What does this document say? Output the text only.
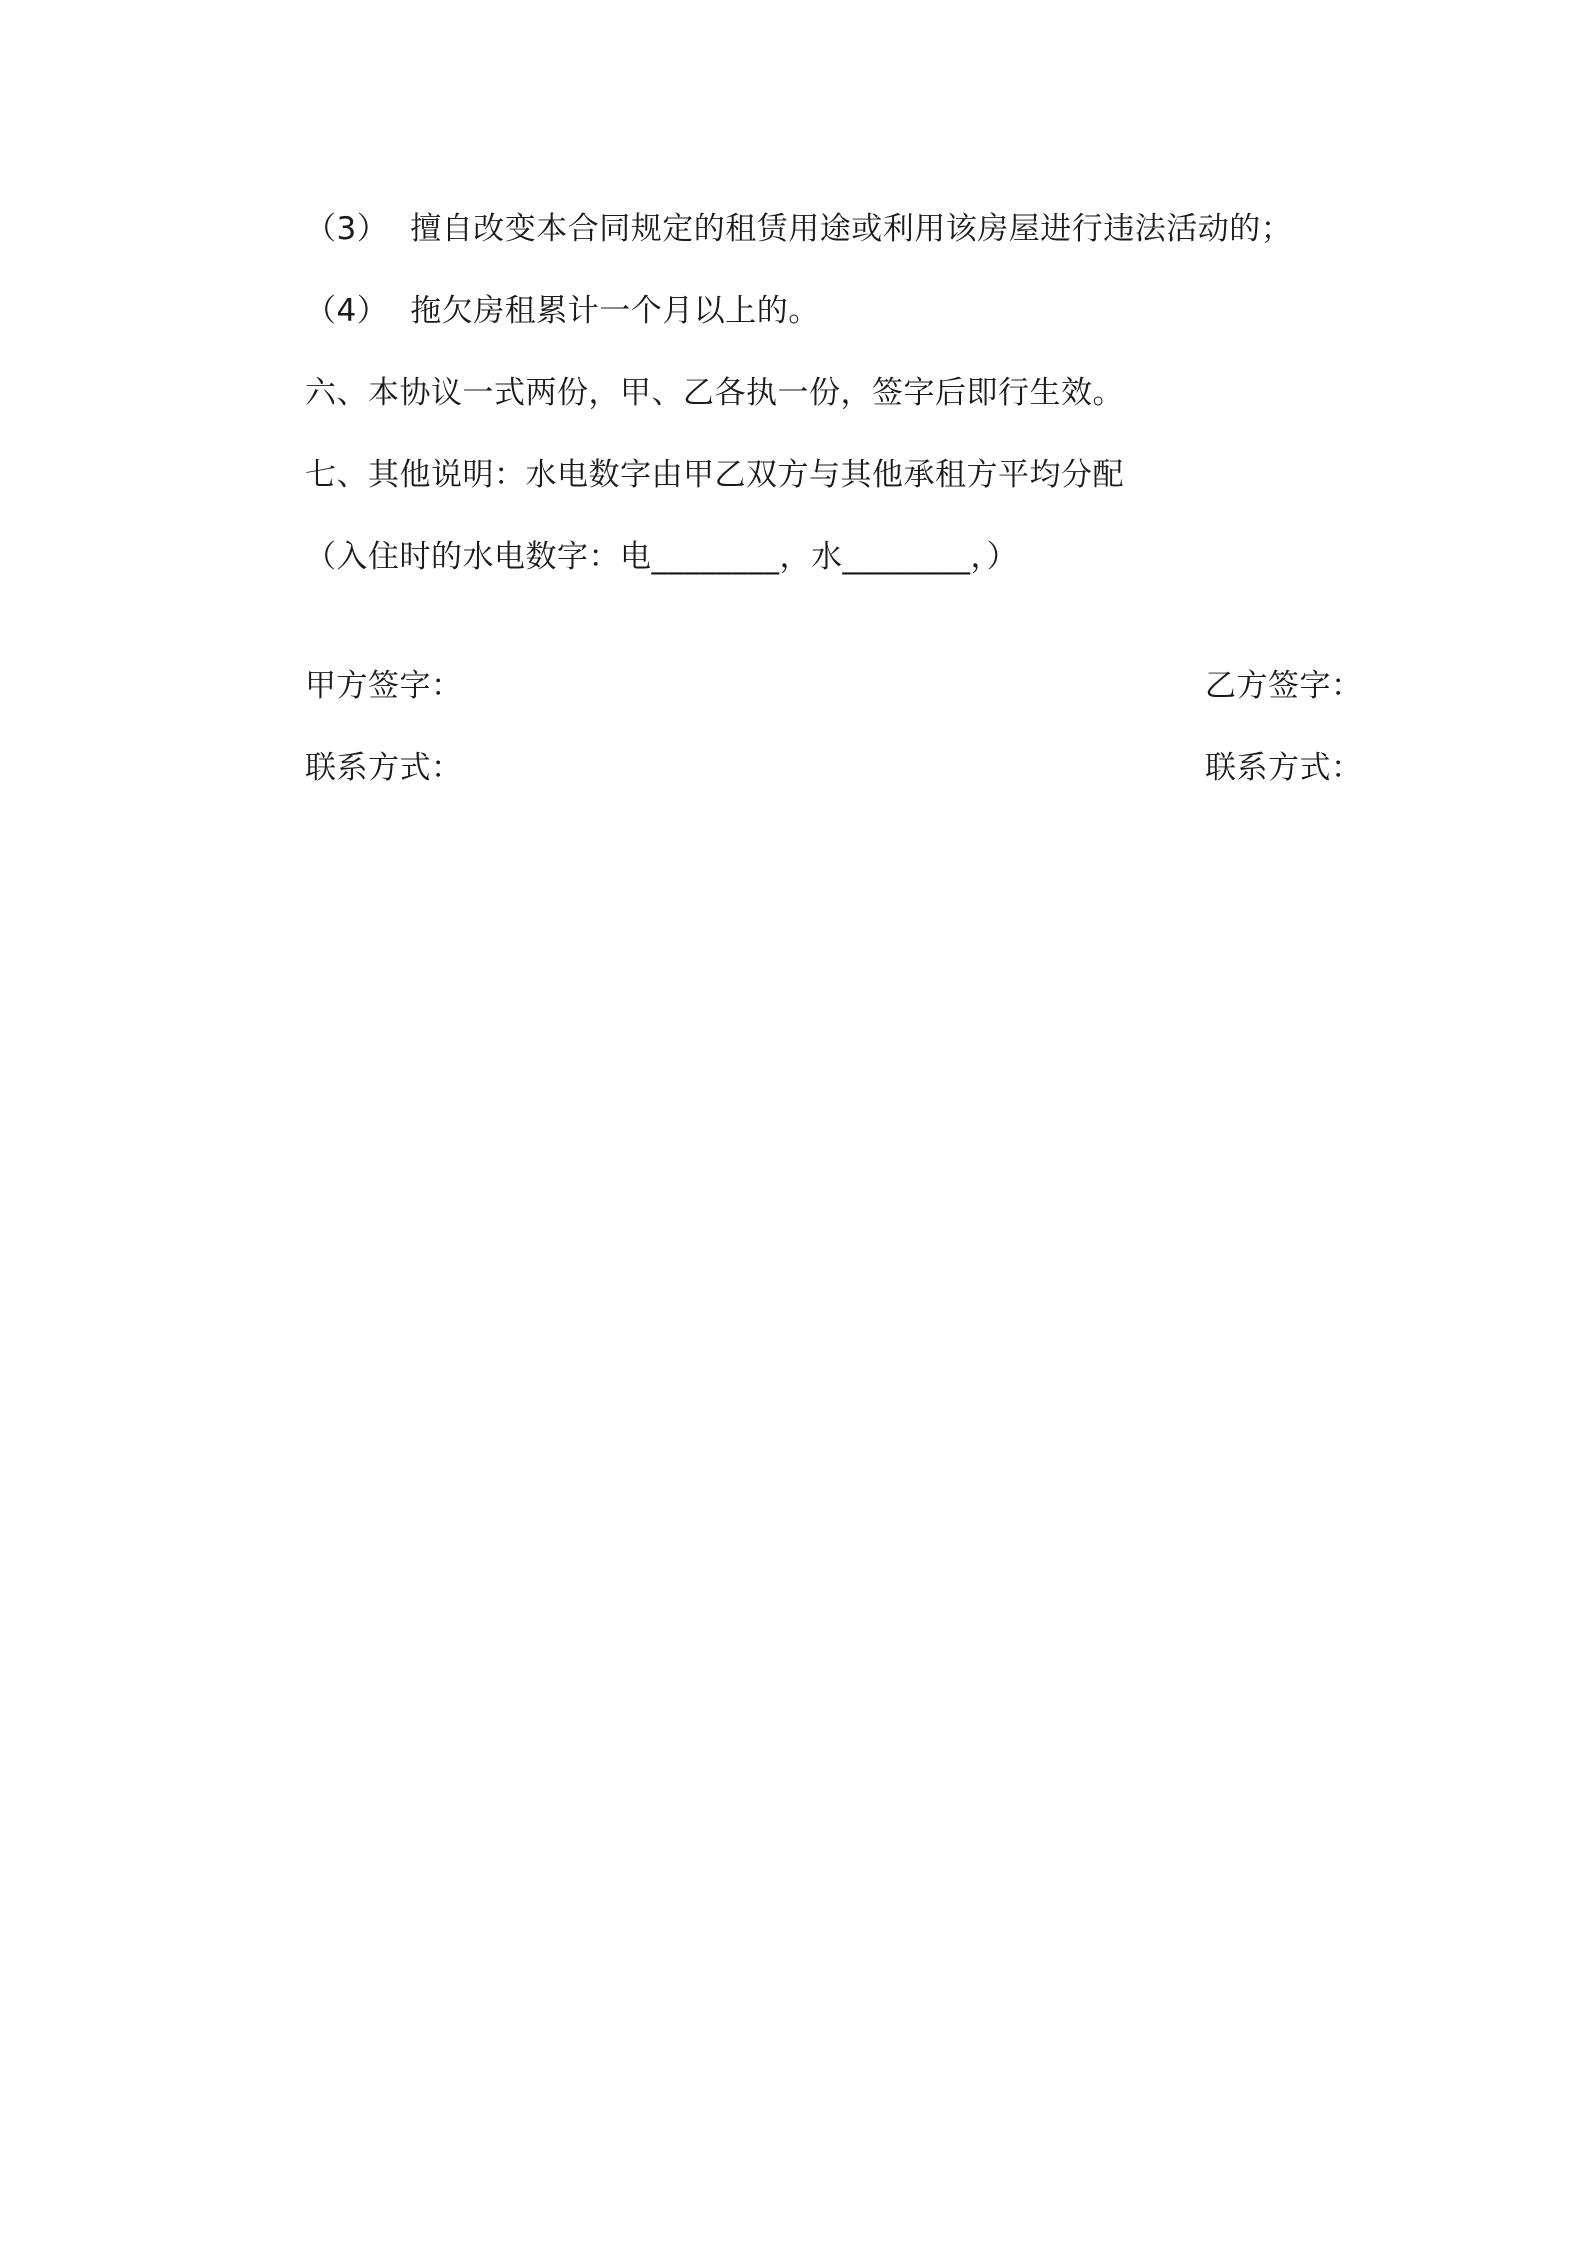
（3） 擅自改变本合同规定的租赁用途或利用该房屋进行违法活动的；
（4） 拖欠房租累计一个月以上的。
六、本协议一式两份，甲、乙各执一份，签字后即行生效。
七、其他说明：水电数字由甲乙双方与其他承租方平均分配
（入住时的水电数字：电________，水________，）
甲方签字：	乙方签字：
联系方式：	联系方式：
